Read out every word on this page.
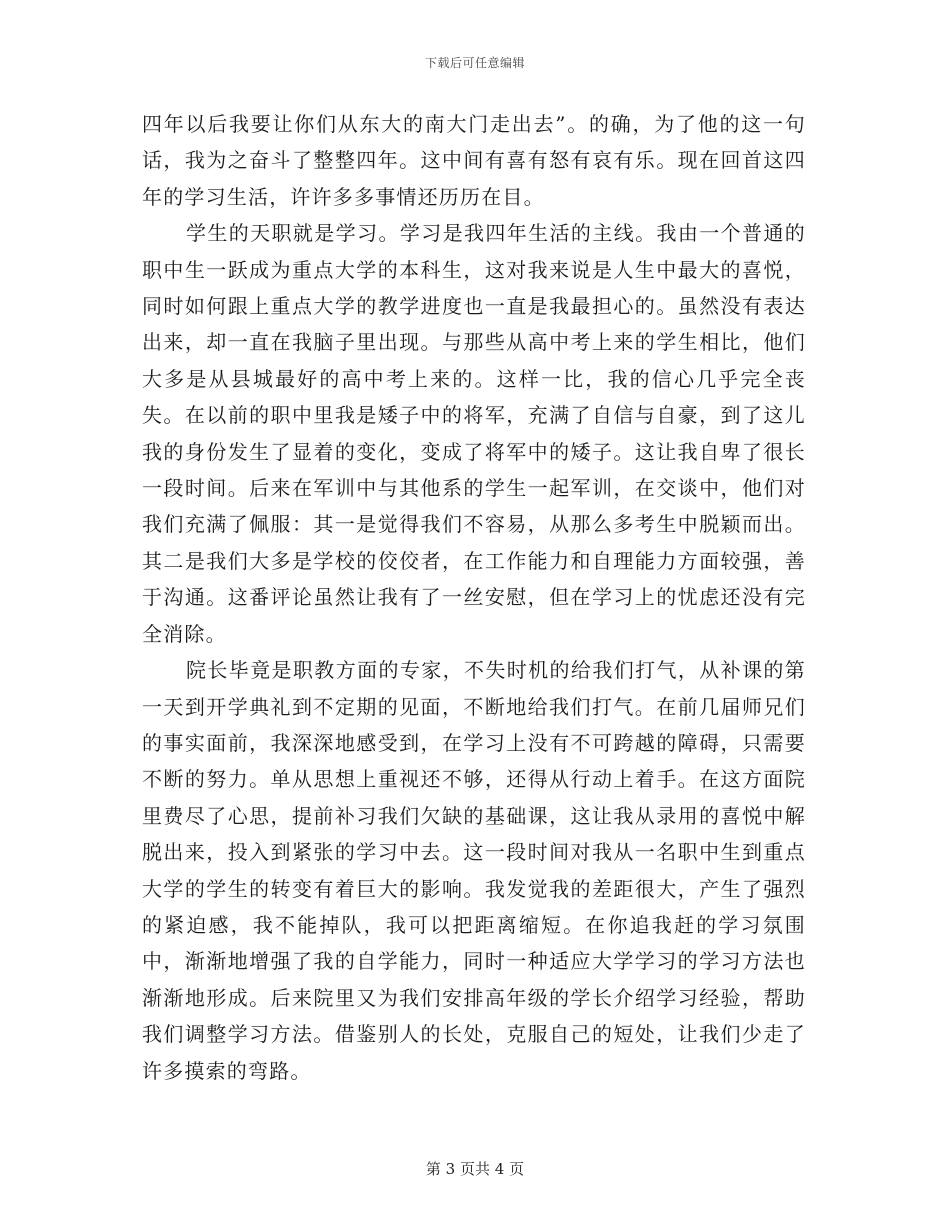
下载后可任意编辑

四年以后我要让你们从东大的南大门走出去”。的确，为了他的这一句话，我为之奋斗了整整四年。这中间有喜有怒有哀有乐。现在回首这四年的学习生活，许许多多事情还历历在目。

学生的天职就是学习。学习是我四年生活的主线。我由一个普通的职中生一跃成为重点大学的本科生，这对我来说是人生中最大的喜悦，同时如何跟上重点大学的教学进度也一直是我最担心的。虽然没有表达出来，却一直在我脑子里出现。与那些从高中考上来的学生相比，他们大多是从县城最好的高中考上来的。这样一比，我的信心几乎完全丧失。在以前的职中里我是矮子中的将军，充满了自信与自豪，到了这儿我的身份发生了显着的变化，变成了将军中的矮子。这让我自卑了很长一段时间。后来在军训中与其他系的学生一起军训，在交谈中，他们对我们充满了佩服：其一是觉得我们不容易，从那么多考生中脱颖而出。其二是我们大多是学校的佼佼者，在工作能力和自理能力方面较强，善于沟通。这番评论虽然让我有了一丝安慰，但在学习上的忧虑还没有完全消除。

院长毕竟是职教方面的专家，不失时机的给我们打气，从补课的第一天到开学典礼到不定期的见面，不断地给我们打气。在前几届师兄们的事实面前，我深深地感受到，在学习上没有不可跨越的障碍，只需要不断的努力。单从思想上重视还不够，还得从行动上着手。在这方面院里费尽了心思，提前补习我们欠缺的基础课，这让我从录用的喜悦中解脱出来，投入到紧张的学习中去。这一段时间对我从一名职中生到重点大学的学生的转变有着巨大的影响。我发觉我的差距很大，产生了强烈的紧迫感，我不能掉队，我可以把距离缩短。在你追我赶的学习氛围中，渐渐地增强了我的自学能力，同时一种适应大学学习的学习方法也渐渐地形成。后来院里又为我们安排高年级的学长介绍学习经验，帮助我们调整学习方法。借鉴别人的长处，克服自己的短处，让我们少走了许多摸索的弯路。

第 3 页共 4 页
